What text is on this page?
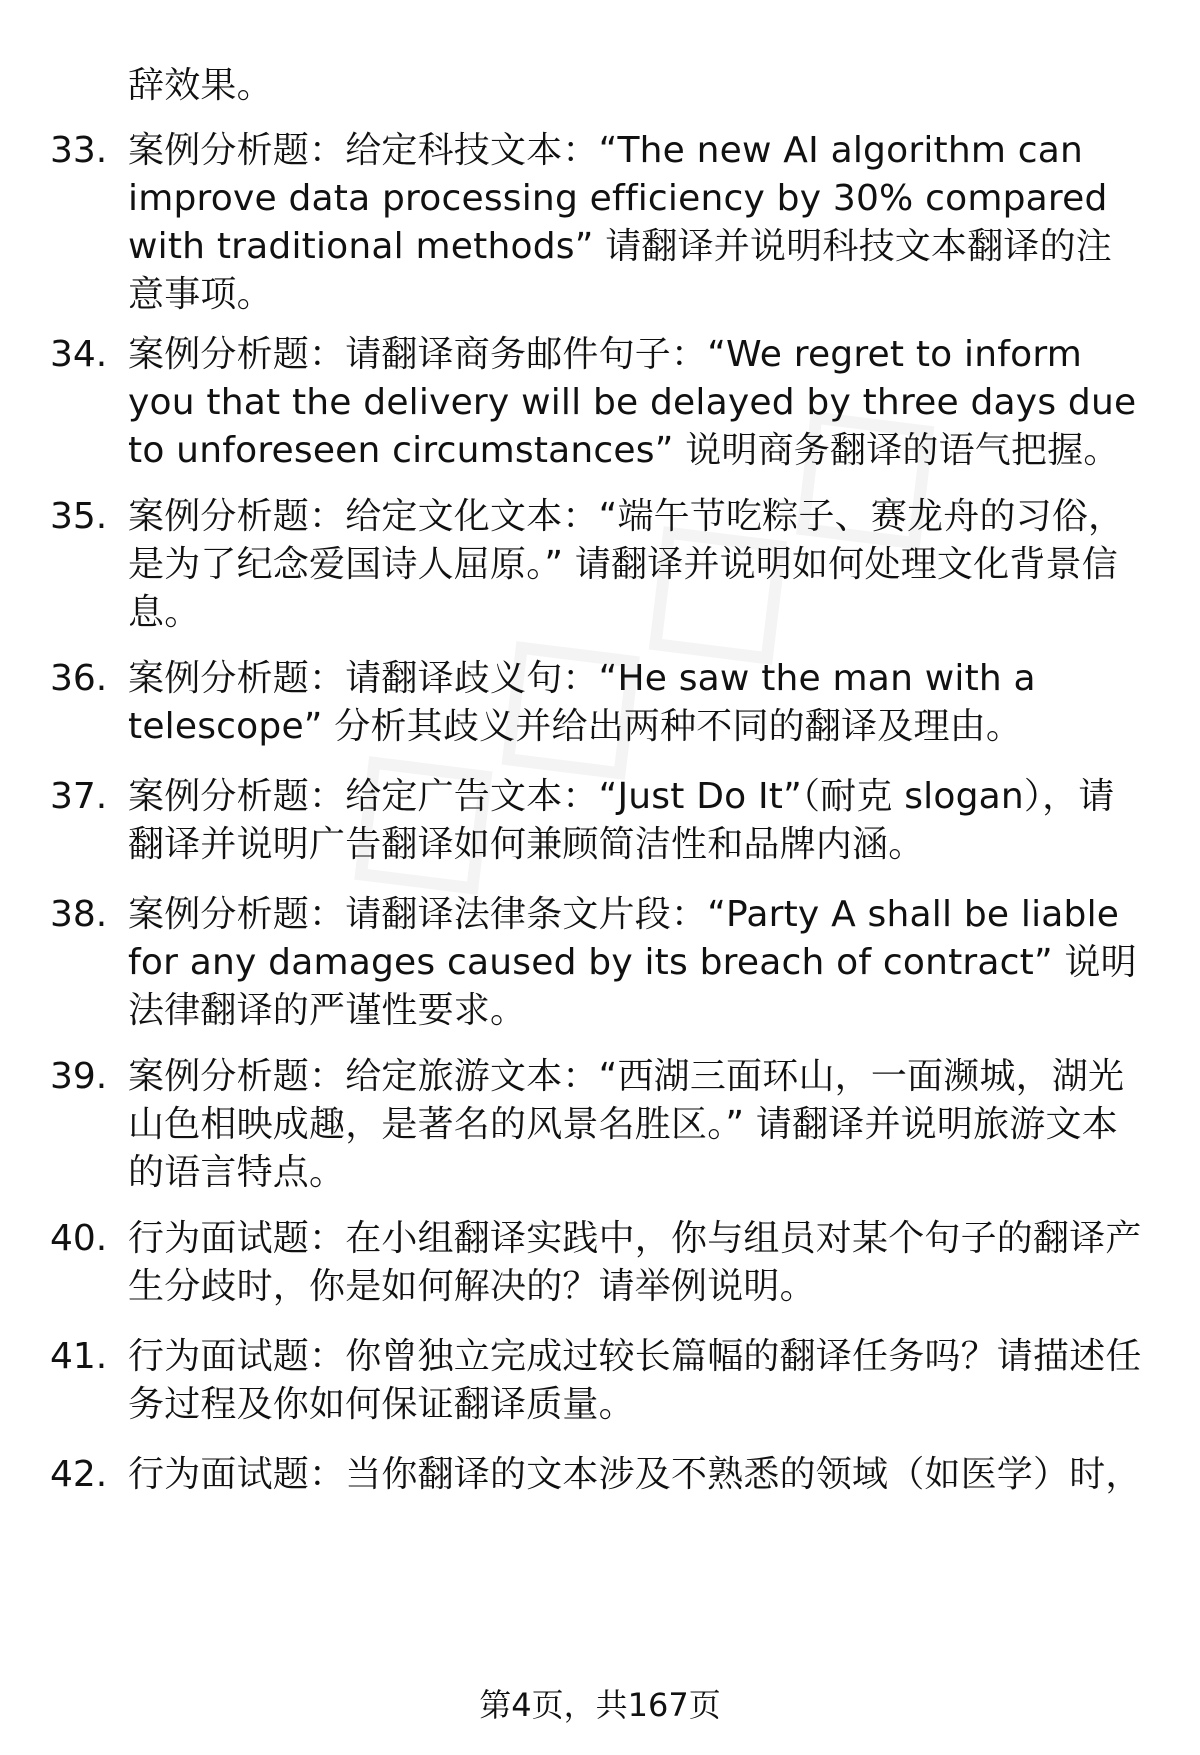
辞效果。

33. 案例分析题：给定科技文本：“The new AI algorithm can improve data processing efficiency by 30% compared with traditional methods” 请翻译并说明科技文本翻译的注意事项。

34. 案例分析题：请翻译商务邮件句子：“We regret to inform you that the delivery will be delayed by three days due to unforeseen circumstances” 说明商务翻译的语气把握。

35. 案例分析题：给定文化文本：“端午节吃粽子、赛龙舟的习俗，是为了纪念爱国诗人屈原。” 请翻译并说明如何处理文化背景信息。

36. 案例分析题：请翻译歧义句：“He saw the man with a telescope” 分析其歧义并给出两种不同的翻译及理由。

37. 案例分析题：给定广告文本：“Just Do It”（耐克 slogan），请翻译并说明广告翻译如何兼顾简洁性和品牌内涵。

38. 案例分析题：请翻译法律条文片段：“Party A shall be liable for any damages caused by its breach of contract” 说明法律翻译的严谨性要求。

39. 案例分析题：给定旅游文本：“西湖三面环山，一面濒城，湖光山色相映成趣，是著名的风景名胜区。” 请翻译并说明旅游文本的语言特点。

40. 行为面试题：在小组翻译实践中，你与组员对某个句子的翻译产生分歧时，你是如何解决的？请举例说明。

41. 行为面试题：你曾独立完成过较长篇幅的翻译任务吗？请描述任务过程及你如何保证翻译质量。

42. 行为面试题：当你翻译的文本涉及不熟悉的领域（如医学）时，

第4页，共167页
